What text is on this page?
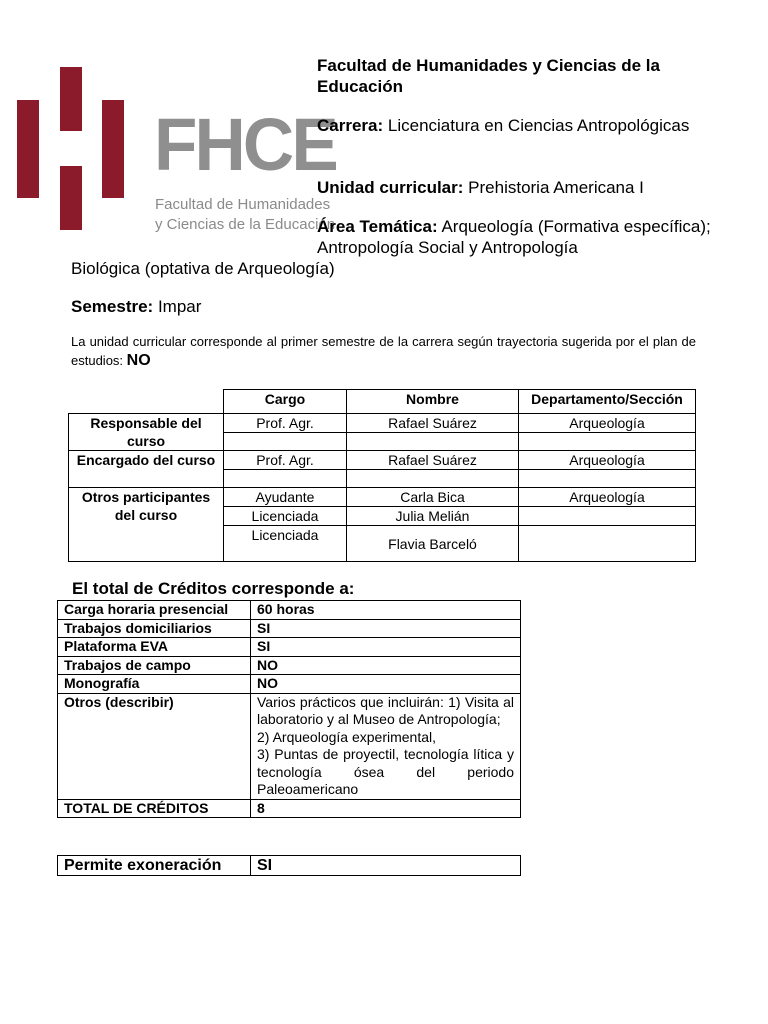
FHCE
Facultad de Humanidades
y Ciencias de la Educación
Facultad de Humanidades y Ciencias de la Educación
Carrera: Licenciatura en Ciencias Antropológicas
Unidad curricular: Prehistoria Americana I
Área Temática: Arqueología (Formativa específica); Antropología Social y Antropología
Biológica (optativa de Arqueología)
Semestre: Impar
La unidad curricular corresponde al primer semestre de la carrera según trayectoria sugerida por el plan de estudios: NO
	Cargo	Nombre	Departamento/Sección
Responsable del curso	Prof. Agr.	Rafael Suárez	Arqueología

Encargado del curso	Prof. Agr.	Rafael Suárez	Arqueología

Otros participantes del curso	Ayudante	Carla Bica	Arqueología
	Licenciada	Julia Melián	
	Licenciada	Flavia Barceló	
El total de Créditos corresponde a:
Carga horaria presencial	60 horas
Trabajos domiciliarios	SI
Plataforma EVA	SI
Trabajos de campo	NO
Monografía	NO
Otros (describir)	Varios prácticos que incluirán: 1) Visita al laboratorio y al Museo de Antropología;
2) Arqueología experimental,
3) Puntas de proyectil, tecnología lítica y tecnología ósea del periodo Paleoamericano

TOTAL DE CRÉDITOS	8
Permite exoneración	SI
